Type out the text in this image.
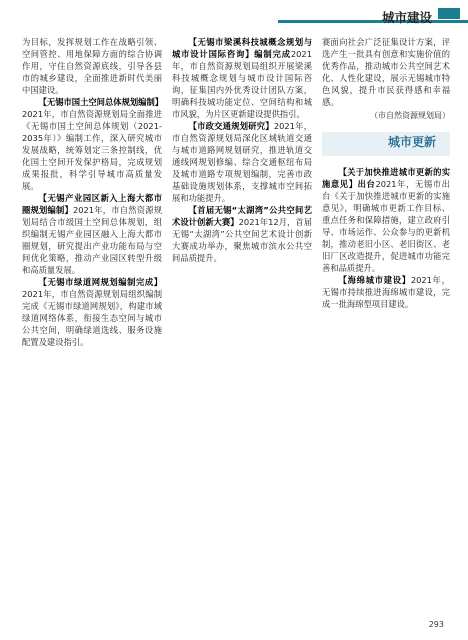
城市建设

为目标，发挥规划工作在战略引领、空间管控、用地保障方面的综合协调作用，守住自然资源底线，引导各县市的城乡建设，全面推进新时代美丽中国建设。

【无锡市国土空间总体规划编制】2021年，市自然资源规划局全面推进《无锡市国土空间总体规划（2021-2035年）》编制工作，深入研究城市发展战略，统筹划定三条控制线，优化国土空间开发保护格局，完成规划成果报批，科学引导城市高质量发展。

【无锡产业园区新入上海大都市圈规划编制】2021年，市自然资源规划局结合市级国土空间总体规划，组织编制无锡产业园区融入上海大都市圈规划，研究提出产业功能布局与空间优化策略，推动产业园区转型升级和高质量发展。

【无锡市绿道网规划编制完成】2021年，市自然资源规划局组织编制完成《无锡市绿道网规划》，构建市域绿道网络体系，衔接生态空间与城市公共空间，明确绿道选线、服务设施配置及建设指引。

【无锡市梁溪科技城概念规划与城市设计国际咨询】编制完成2021年，市自然资源规划局组织开展梁溪科技城概念规划与城市设计国际咨询，征集国内外优秀设计团队方案，明确科技城功能定位、空间结构和城市风貌，为片区更新建设提供指引。

【市政交通规划研究】2021年，市自然资源规划局深化区域轨道交通与城市道路网规划研究，推进轨道交通线网规划修编、综合交通枢纽布局及城市道路专项规划编制，完善市政基础设施规划体系，支撑城市空间拓展和功能提升。

【首届无锡“太湖湾”公共空间艺术设计创新大赛】2021年12月，首届无锡“太湖湾”公共空间艺术设计创新大赛成功举办，聚焦城市滨水公共空间品质提升。

赛面向社会广泛征集设计方案，评选产生一批具有创意和实施价值的优秀作品，推动城市公共空间艺术化、人性化建设，展示无锡城市特色风貌，提升市民获得感和幸福感。

（市自然资源规划局）
城市更新

【关于加快推进城市更新的实施意见】出台2021年，无锡市出台《关于加快推进城市更新的实施意见》，明确城市更新工作目标、重点任务和保障措施，建立政府引导、市场运作、公众参与的更新机制，推动老旧小区、老旧街区、老旧厂区改造提升，促进城市功能完善和品质提升。

【海绵城市建设】2021年，无锡市持续推进海绵城市建设，完成一批海绵型项目建设。

293
